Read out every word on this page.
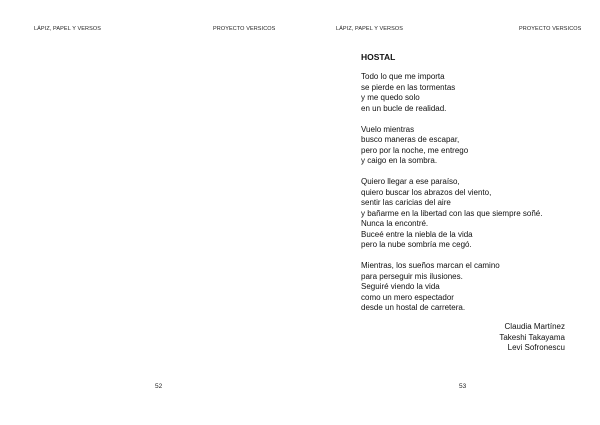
LÁPIZ, PAPEL Y VERSOS	PROYECTO VERSICOS
52
LÁPIZ, PAPEL Y VERSOS	PROYECTO VERSICOS
HOSTAL
Todo lo que me importa
se pierde en las tormentas
y me quedo solo
en un bucle de realidad.
Vuelo mientras
busco maneras de escapar,
pero por la noche, me entrego
y caigo en la sombra.
Quiero llegar a ese paraíso,
quiero buscar los abrazos del viento,
sentir las caricias del aire
y bañarme en la libertad con las que siempre soñé.
Nunca la encontré.
Buceé entre la niebla de la vida
pero la nube sombría me cegó.
Mientras, los sueños marcan el camino
para perseguir mis ilusiones.
Seguiré viendo la vida
como un mero espectador
desde un hostal de carretera.
Claudia Martínez
Takeshi Takayama
Levi Sofronescu
53
